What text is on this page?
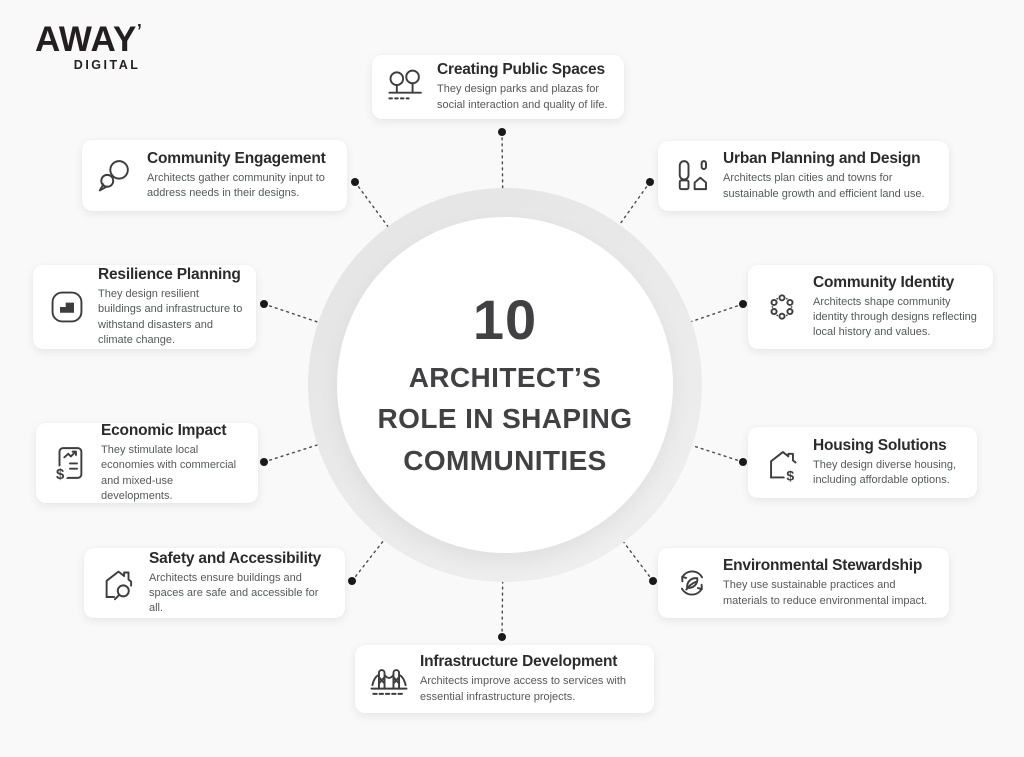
AWAY’
DIGITAL
10
ARCHITECT’S
ROLE IN SHAPING
COMMUNITIES
Creating Public Spaces

They design parks and plazas for social interaction and quality of life.

Community Engagement

Architects gather community input to address needs in their designs.

Urban Planning and Design

Architects plan cities and towns for sustainable growth and efficient land use.

Resilience Planning

They design resilient buildings and infrastructure to withstand disasters and climate change.

Community Identity

Architects shape community identity through designs reflecting local history and values.

$
Economic Impact

They stimulate local economies with commercial and mixed-use developments.

$
Housing Solutions

They design diverse housing, including affordable options.

Safety and Accessibility

Architects ensure buildings and spaces are safe and accessible for all.

Environmental Stewardship

They use sustainable practices and materials to reduce environmental impact.

Infrastructure Development

Architects improve access to services with essential infrastructure projects.
